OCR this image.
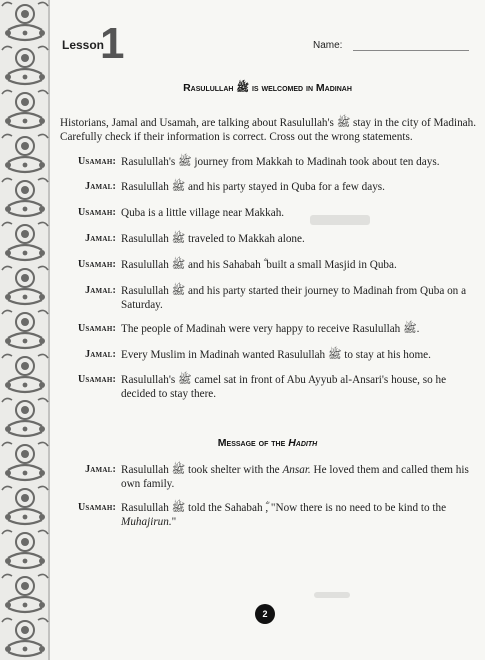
Lesson
1	Name:
Rasulullah ﷺ is welcomed in Madinah
Historians, Jamal and Usamah, are talking about Rasulullah's ﷺ stay in the city of Madinah. Carefully check if their information is correct. Cross out the wrong statements.
Usamah: Rasulullah's ﷺ journey from Makkah to Madinah took about ten days.
Jamal: Rasulullah ﷺ and his party stayed in Quba for a few days.
Usamah: Quba is a little village near Makkah.
Jamal: Rasulullah ﷺ traveled to Makkah alone.
Usamah: Rasulullah ﷺ and his Sahabah ؓ built a small Masjid in Quba.
Jamal: Rasulullah ﷺ and his party started their journey to Madinah from Quba on a Saturday.
Usamah: The people of Madinah were very happy to receive Rasulullah ﷺ.
Jamal: Every Muslim in Madinah wanted Rasulullah ﷺ to stay at his home.
Usamah: Rasulullah's ﷺ camel sat in front of Abu Ayyub al-Ansari's house, so he decided to stay there.
Message of the Hadith
Jamal: Rasulullah ﷺ took shelter with the Ansar. He loved them and called them his own family.
Usamah: Rasulullah ﷺ told the Sahabah ؓ, "Now there is no need to be kind to the Muhajirun."
2
